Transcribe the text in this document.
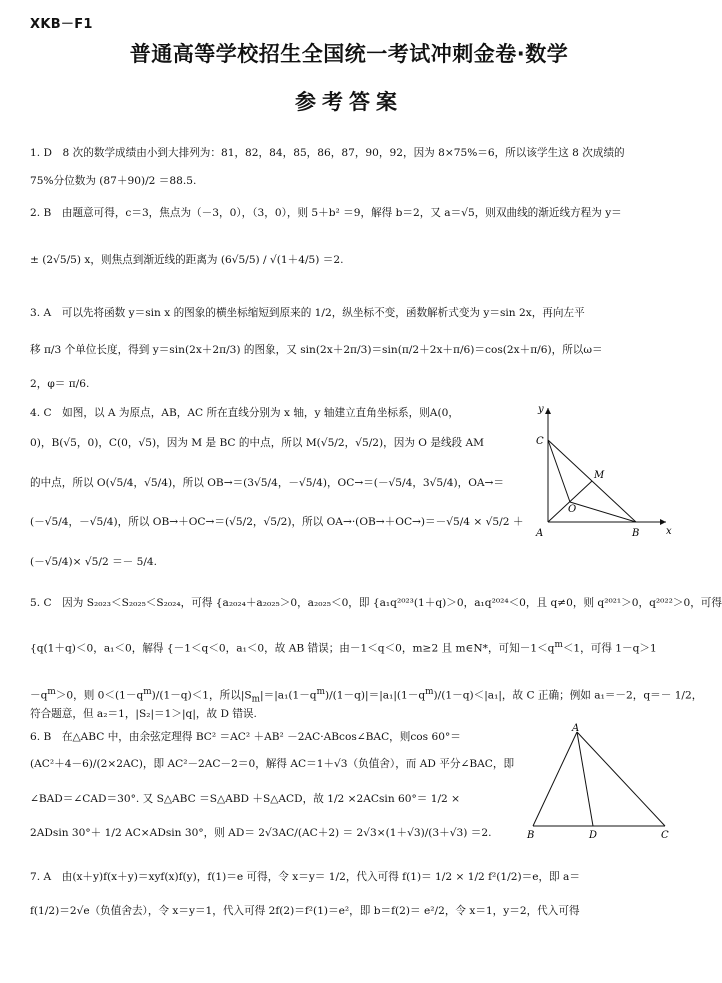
XKB－F1
普通高等学校招生全国统一考试冲刺金卷·数学
参考答案
1. D　8 次的数学成绩由小到大排列为：81，82，84，85，86，87，90，92，因为 8×75%＝6，所以该学生这 8 次成绩的
75%分位数为 (87＋90)/2 ＝88.5.
2. B　由题意可得，c＝3，焦点为（－3，0），（3，0），则 5＋b² ＝9，解得 b＝2，又 a＝√5，则双曲线的渐近线方程为 y＝
± (2√5/5) x，则焦点到渐近线的距离为 (6√5/5) / √(1＋4/5) ＝2.
3. A　可以先将函数 y＝sin x 的图象的横坐标缩短到原来的 1/2，纵坐标不变，函数解析式变为 y＝sin 2x，再向左平
移 π/3 个单位长度，得到 y＝sin(2x＋2π/3) 的图象，又 sin(2x＋2π/3)＝sin(π/2＋2x＋π/6)＝cos(2x＋π/6)，所以ω＝
2，φ＝ π/6.
4. C　如图，以 A 为原点，AB，AC 所在直线分别为 x 轴，y 轴建立直角坐标系，则A(0，
0)，B(√5，0)，C(0，√5)，因为 M 是 BC 的中点，所以 M(√5/2，√5/2)，因为 O 是线段 AM
的中点，所以 O(√5/4，√5/4)，所以 OB→＝(3√5/4，－√5/4)，OC→＝(－√5/4，3√5/4)，OA→＝
(－√5/4，－√5/4)，所以 OB→＋OC→＝(√5/2，√5/2)，所以 OA→·(OB→＋OC→)＝－√5/4 × √5/2 ＋
(－√5/4)× √5/2 ＝－ 5/4.
x
y
A	B
C
M
O
5. C　因为 S₂₀₂₃＜S₂₀₂₅＜S₂₀₂₄，可得 {a₂₀₂₄＋a₂₀₂₅＞0，a₂₀₂₅＜0，即 {a₁q²⁰²³(1＋q)＞0，a₁q²⁰²⁴＜0，且 q≠0，则 q²⁰²¹＞0，q²⁰²²＞0，可得
{q(1＋q)＜0，a₁＜0，解得 {－1＜q＜0，a₁＜0，故 AB 错误；由－1＜q＜0，m≥2 且 m∈N*，可知$-1<q^m<1$，可得 1－q＞1
$-q^m>0$，则 $0<(1-q^m)/(1-q)<1$，所以$|S_m|=|a_1(1-q^m)/(1-q)|=|a_1|(1-q^m)/(1-q)<|a_1|$，故 C 正确；例如 a₁＝－2，q＝－ 1/2，
符合题意，但 a₂＝1，|S₂|＝1＞|q|，故 D 错误.
6. B　在△ABC 中，由余弦定理得 BC² ＝AC² ＋AB² －2AC·ABcos∠BAC，则cos 60°＝
(AC²＋4－6)/(2×2AC)，即 AC²－2AC－2＝0，解得 AC＝1＋√3（负值舍），而 AD 平分∠BAC，即
∠BAD＝∠CAD＝30°. 又 S△ABC ＝S△ABD ＋S△ACD，故 1/2 ×2ACsin 60°＝ 1/2 ×
2ADsin 30°＋ 1/2 AC×ADsin 30°，则 AD＝ 2√3AC/(AC＋2) ＝ 2√3×(1＋√3)/(3＋√3) ＝2.
A
B	C
D
7. A　由(x＋y)f(x＋y)＝xyf(x)f(y)，f(1)＝e 可得，令 x＝y＝ 1/2，代入可得 f(1)＝ 1/2 × 1/2 f²(1/2)＝e，即 a＝
f(1/2)＝2√e（负值舍去），令 x＝y＝1，代入可得 2f(2)＝f²(1)＝e²，即 b＝f(2)＝ e²/2，令 x＝1，y＝2，代入可得
